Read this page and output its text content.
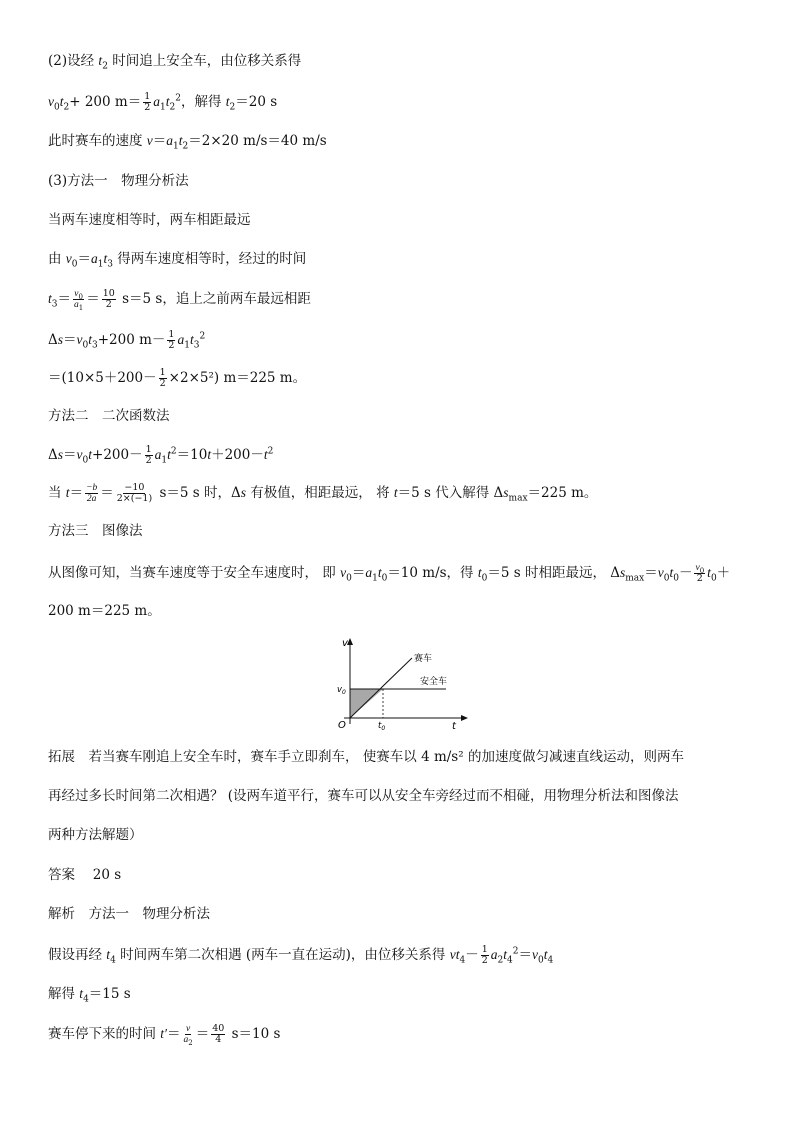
(2)设经 $t_2$ 时间追上安全车，由位移关系得
$v_0t_2+ 200$ $m= \frac{1}{2} a_1t_2^2$，解得 $t_2=20$ s
此时赛车的速度 $v=a_1t_2=2\times 20$ m/s＝40 m/s
(3)方法一　物理分析法
当两车速度相等时，两车相距最远
由 $v_0=a_1t_3$ 得两车速度相等时，经过的时间
$t_3= \frac{v_0}{a_1} = \frac{10}{2} s=5$ s，追上之前两车最远相距
$\Delta s=v_0t_3+200$ $m- \frac{1}{2} a_1t_3^2$
$=(10\times 5+200- \frac{1}{2} \times 2\times 5^2)$ m＝225 m。
方法二　二次函数法
$\Delta s=v_0t+200- \frac{1}{2} a_1t^2=10t+200-t^2$
当 $t= \frac{-b}{2a} = \frac{-10}{2\times(-1)} s=5$ s 时，Δs 有极值，相距最远， 将 t＝5 s 代入解得 $\Delta s_{max}=225$ m。
方法三　图像法
从图像可知，当赛车速度等于安全车速度时， 即 $v_0=a_1t_0=10$ m/s，得 $t_0=5$ s 时相距最远， $\Delta s_{max}=v_0t_0- \frac{v_0}{2} t_0+$
200 m＝225 m。
v
t
O
$v_0$
$t_0$
赛车
安全车
拓展　若当赛车刚追上安全车时，赛车手立即刹车， 使赛车以 4 m/s² 的加速度做匀减速直线运动，则两车
再经过多长时间第二次相遇？ (设两车道平行，赛车可以从安全车旁经过而不相碰，用物理分析法和图像法
两种方法解题）
答案　 20 s
解析　方法一　物理分析法
假设再经 $t_4$ 时间两车第二次相遇 (两车一直在运动)，由位移关系得 $vt_4- \frac{1}{2} a_2t_4^2=v_0t_4$
解得 $t_4=15$ s
赛车停下来的时间 $t'= \frac{v}{a_2} = \frac{40}{4} s=10$ s
